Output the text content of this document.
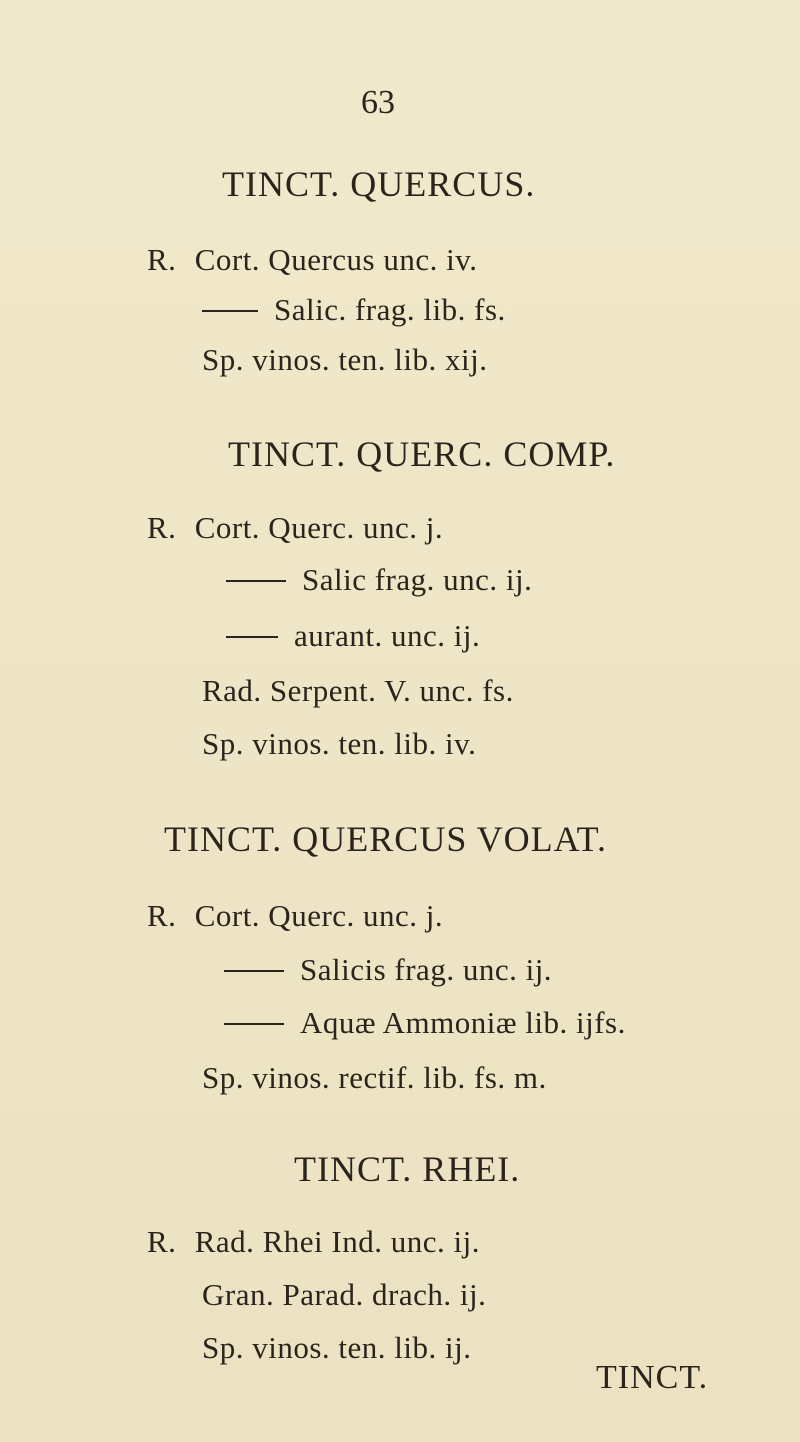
63
TINCT. QUERCUS.
R. Cort. Quercus unc. iv.
Salic. frag. lib. fs.
Sp. vinos. ten. lib. xij.
TINCT. QUERC. COMP.
R. Cort. Querc. unc. j.
Salic frag. unc. ij.
aurant. unc. ij.
Rad. Serpent. V. unc. fs.
Sp. vinos. ten. lib. iv.
TINCT. QUERCUS VOLAT.
R. Cort. Querc. unc. j.
Salicis frag. unc. ij.
Aquæ Ammoniæ lib. ijfs.
Sp. vinos. rectif. lib. fs. m.
TINCT. RHEI.
R. Rad. Rhei Ind. unc. ij.
Gran. Parad. drach. ij.
Sp. vinos. ten. lib. ij.
TINCT.
